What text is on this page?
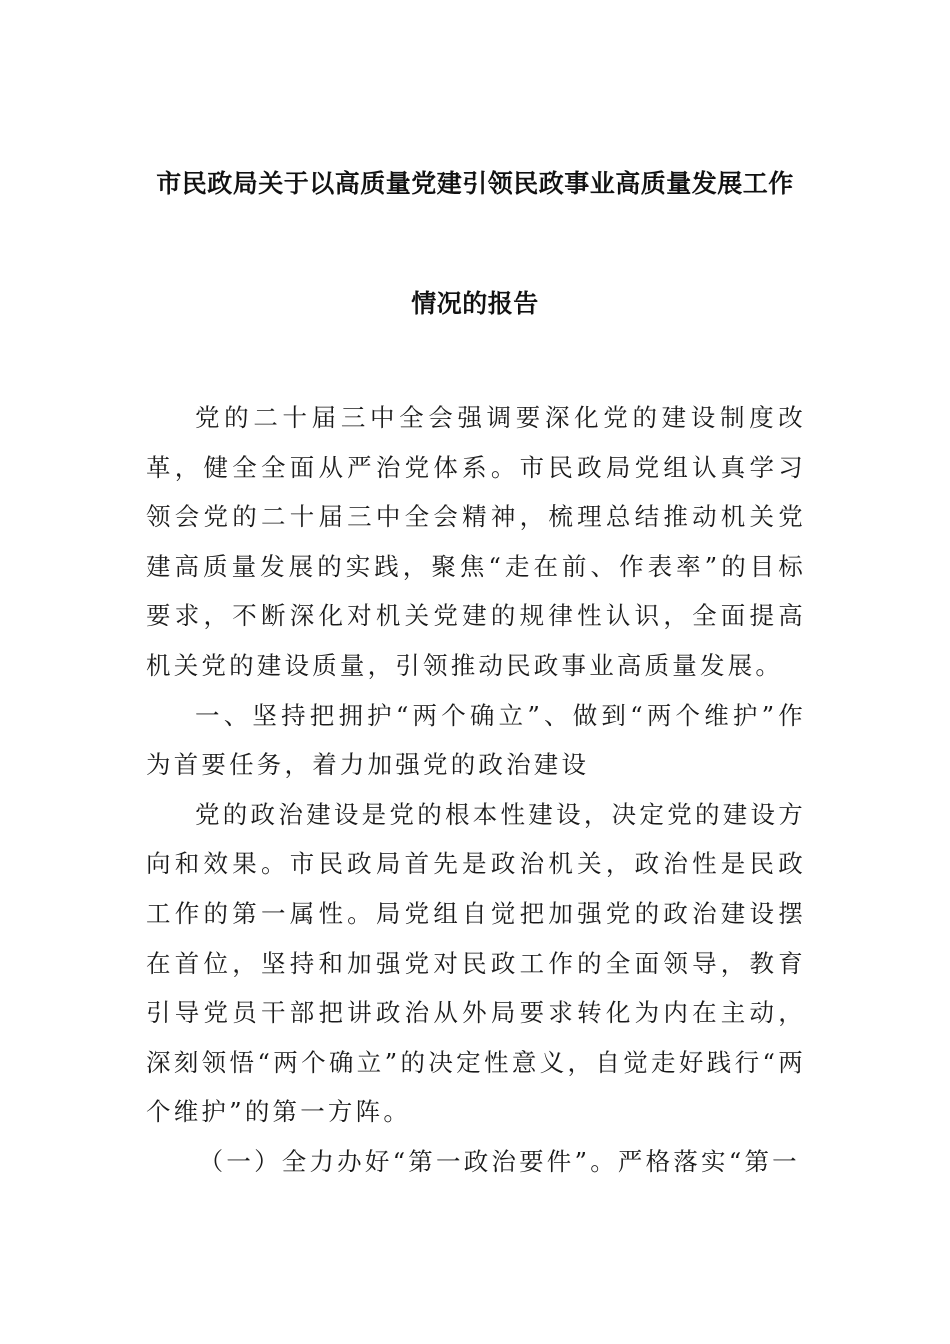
市民政局关于以高质量党建引领民政事业高质量发展工作
情况的报告

党的二十届三中全会强调要深化党的建设制度改革，健全全面从严治党体系。市民政局党组认真学习领会党的二十届三中全会精神，梳理总结推动机关党建高质量发展的实践，聚焦“走在前、作表率”的目标要求，不断深化对机关党建的规律性认识，全面提高机关党的建设质量，引领推动民政事业高质量发展。

一、坚持把拥护“两个确立”、做到“两个维护”作为首要任务，着力加强党的政治建设

党的政治建设是党的根本性建设，决定党的建设方向和效果。市民政局首先是政治机关，政治性是民政工作的第一属性。局党组自觉把加强党的政治建设摆在首位，坚持和加强党对民政工作的全面领导，教育引导党员干部把讲政治从外局要求转化为内在主动，深刻领悟“两个确立”的决定性意义，自觉走好践行“两个维护”的第一方阵。

（一）全力办好“第一政治要件”。严格落实“第一
